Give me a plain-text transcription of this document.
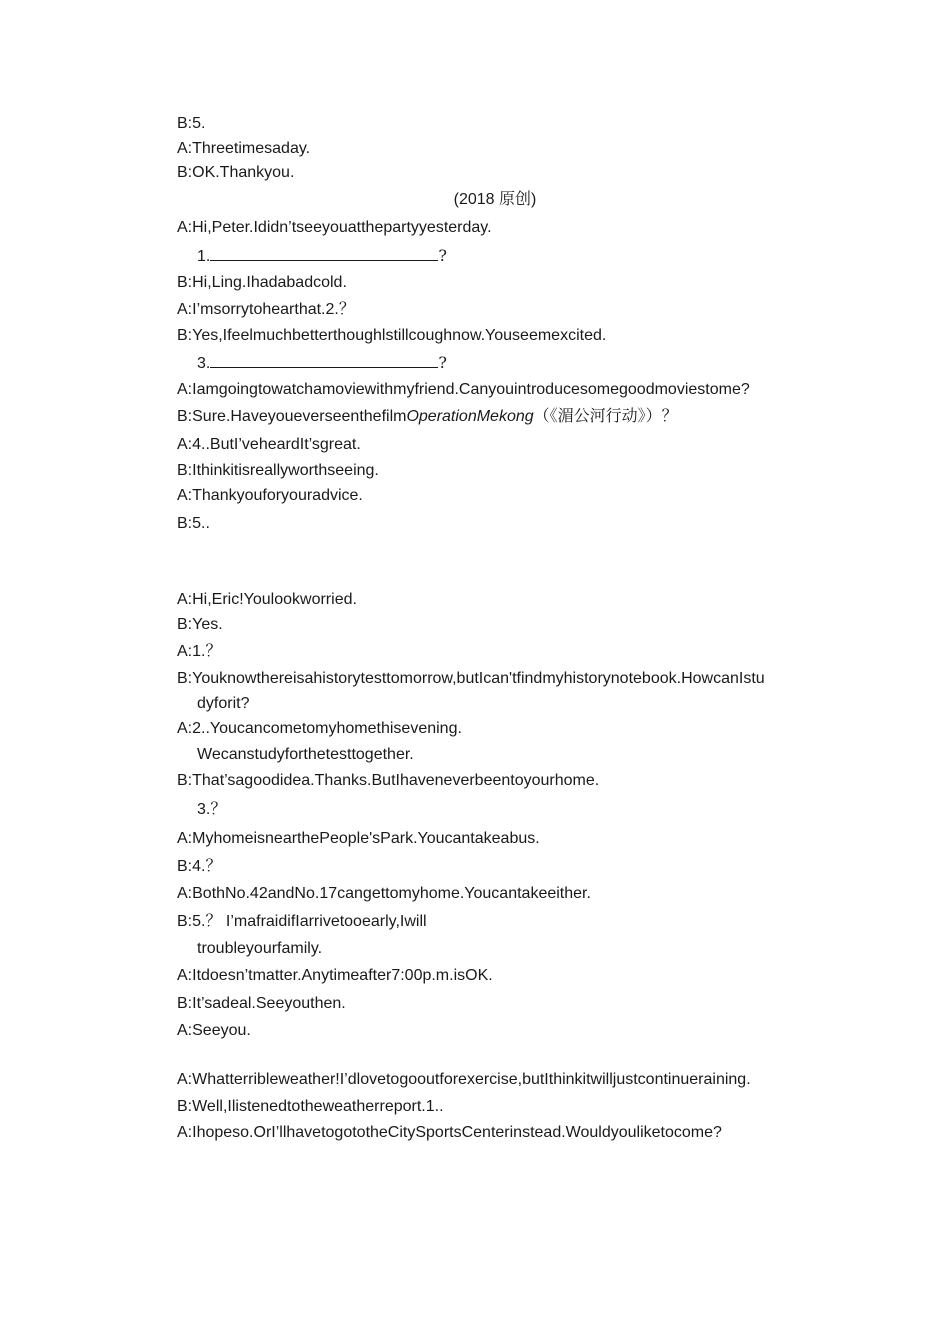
B:5.
A:Threetimesaday.
B:OK.Thankyou.
(2018 原创)
A:Hi,Peter.Ididn’tseeyouatthepartyyesterday.
1.	?
B:Hi,Ling.Ihadabadcold.
A:I’msorrytohearthat.2.？
B:Yes,Ifeelmuchbetterthoughlstillcoughnow.Youseemexcited.
3.	?
A:Iamgoingtowatchamoviewithmyfriend.Canyouintroducesomegoodmoviestome?
B:Sure.HaveyoueverseenthefilmOperationMekong（《湄公河行动》）？
A:4..ButI’veheardIt’sgreat.
B:Ithinkitisreallyworthseeing.
A:Thankyouforyouradvice.
B:5..
A:Hi,Eric!Youlookworried.
B:Yes.
A:1.？
B:Youknowthereisahistorytesttomorrow,butIcan'tfindmyhistorynotebook.HowcanIstu
dyforit?
A:2..Youcancometomyhomethisevening.
Wecanstudyforthetesttogether.
B:That’sagoodidea.Thanks.ButIhaveneverbeentoyourhome.
3.？
A:MyhomeisnearthePeople'sPark.Youcantakeabus.
B:4.？
A:BothNo.42andNo.17cangettomyhome.Youcantakeeither.
B:5.？ I’mafraidifIarrivetooearly,Iwill
troubleyourfamily.
A:Itdoesn’tmatter.Anytimeafter7:00p.m.isOK.
B:It’sadeal.Seeyouthen.
A:Seeyou.
A:Whatterribleweather!I’dlovetogooutforexercise,butIthinkitwilljustcontinueraining.
B:Well,Ilistenedtotheweatherreport.1..
A:Ihopeso.OrI’llhavetogototheCitySportsCenterinstead.Wouldyouliketocome?
